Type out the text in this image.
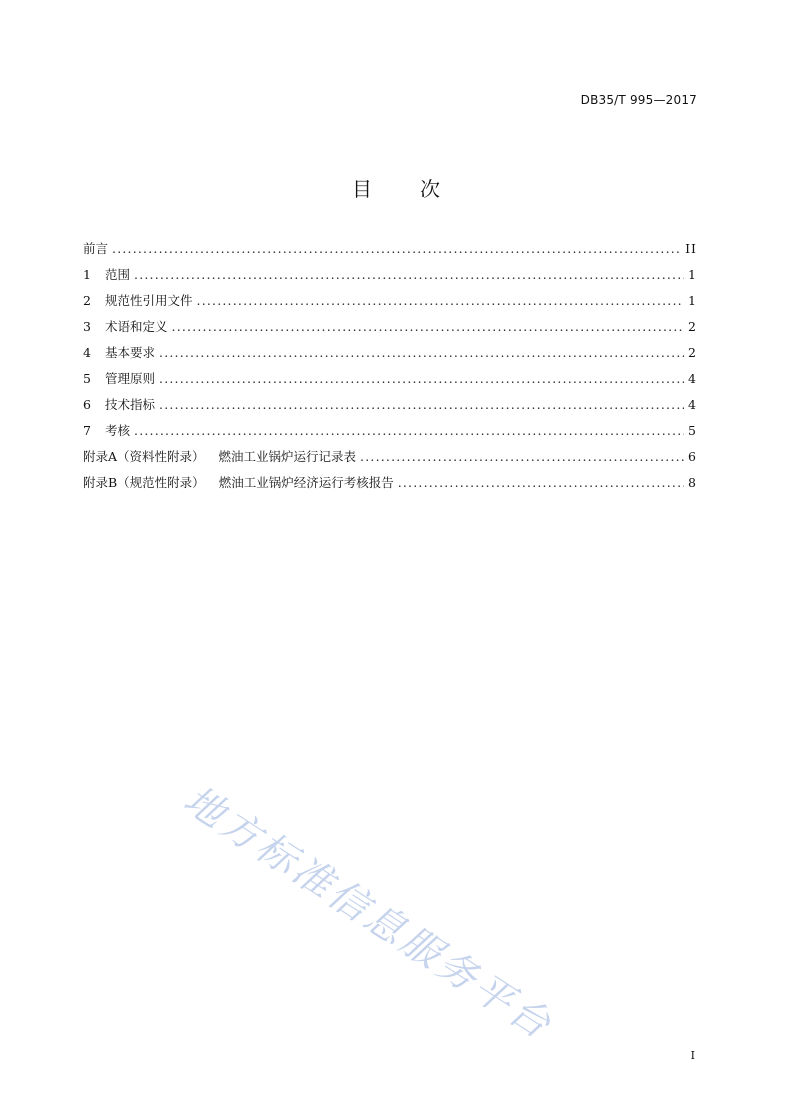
DB35/T 995—2017
目 次
前言 .....	II
1 范围 .....	1
2 规范性引用文件 .....	1
3 术语和定义 .....	2
4 基本要求 .....	2
5 管理原则 .....	4
6 技术指标 .....	4
7 考核 .....	5
附录A（资料性附录） 燃油工业锅炉运行记录表 .....	6
附录B（规范性附录） 燃油工业锅炉经济运行考核报告 .....	8
地方标准信息服务平台
I
